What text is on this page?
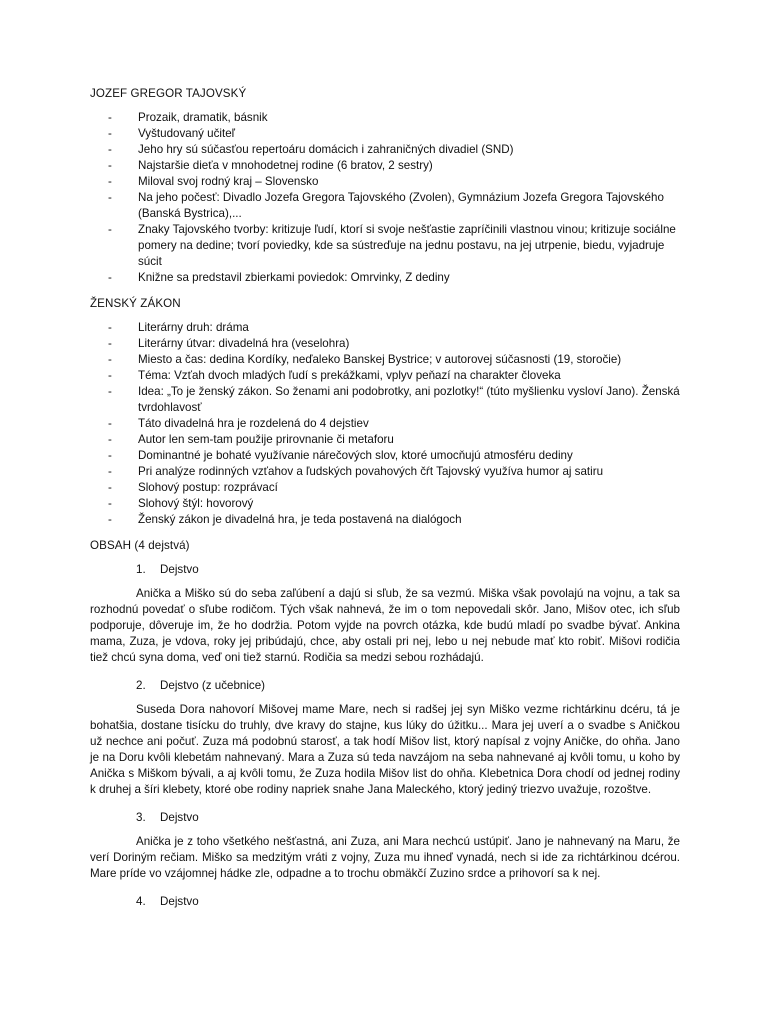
JOZEF GREGOR TAJOVSKÝ
- Prozaik, dramatik, básnik
- Vyštudovaný učiteľ
- Jeho hry sú súčasťou repertoáru domácich i zahraničných divadiel (SND)
- Najstaršie dieťa v mnohodetnej rodine (6 bratov, 2 sestry)
- Miloval svoj rodný kraj – Slovensko
- Na jeho počesť: Divadlo Jozefa Gregora Tajovského (Zvolen), Gymnázium Jozefa Gregora Tajovského (Banská Bystrica),...
- Znaky Tajovského tvorby: kritizuje ľudí, ktorí si svoje nešťastie zapríčinili vlastnou vinou; kritizuje sociálne pomery na dedine; tvorí poviedky, kde sa sústreďuje na jednu postavu, na jej utrpenie, biedu, vyjadruje súcit
- Knižne sa predstavil zbierkami poviedok: Omrvinky, Z dediny
ŽENSKÝ ZÁKON
- Literárny druh: dráma
- Literárny útvar: divadelná hra (veselohra)
- Miesto a čas: dedina Kordíky, neďaleko Banskej Bystrice; v autorovej súčasnosti (19, storočie)
- Téma: Vzťah dvoch mladých ľudí s prekážkami, vplyv peňazí na charakter človeka
- Idea: „To je ženský zákon. So ženami ani podobrotky, ani pozlotky!“ (túto myšlienku vysloví Jano). Ženská tvrdohlavosť
- Táto divadelná hra je rozdelená do 4 dejstiev
- Autor len sem-tam použije prirovnanie či metaforu
- Dominantné je bohaté využívanie nárečových slov, ktoré umocňujú atmosféru dediny
- Pri analýze rodinných vzťahov a ľudských povahových čŕt Tajovský využíva humor aj satiru
- Slohový postup: rozprávací
- Slohový štýl: hovorový
- Ženský zákon je divadelná hra, je teda postavená na dialógoch
OBSAH (4 dejstvá)
1. Dejstvo

Anička a Miško sú do seba zaľúbení a dajú si sľub, že sa vezmú. Miška však povolajú na vojnu, a tak sa rozhodnú povedať o sľube rodičom. Tých však nahnevá, že im o tom nepovedali skôr. Jano, Mišov otec, ich sľub podporuje, dôveruje im, že ho dodržia. Potom vyjde na povrch otázka, kde budú mladí po svadbe bývať. Ankina mama, Zuza, je vdova, roky jej pribúdajú, chce, aby ostali pri nej, lebo u nej nebude mať kto robiť. Mišovi rodičia tiež chcú syna doma, veď oni tiež starnú. Rodičia sa medzi sebou rozhádajú.

2. Dejstvo (z učebnice)

Suseda Dora nahovorí Mišovej mame Mare, nech si radšej jej syn Miško vezme richtárkinu dcéru, tá je bohatšia, dostane tisícku do truhly, dve kravy do stajne, kus lúky do úžitku... Mara jej uverí a o svadbe s Aničkou už nechce ani počuť. Zuza má podobnú starosť, a tak hodí Mišov list, ktorý napísal z vojny Aničke, do ohňa. Jano je na Doru kvôli klebetám nahnevaný. Mara a Zuza sú teda navzájom na seba nahnevané aj kvôli tomu, u koho by Anička s Miškom bývali, a aj kvôli tomu, že Zuza hodila Mišov list do ohňa. Klebetnica Dora chodí od jednej rodiny k druhej a šíri klebety, ktoré obe rodiny napriek snahe Jana Maleckého, ktorý jediný triezvo uvažuje, rozoštve.

3. Dejstvo

Anička je z toho všetkého nešťastná, ani Zuza, ani Mara nechcú ustúpiť. Jano je nahnevaný na Maru, že verí Doriným rečiam. Miško sa medzitým vráti z vojny, Zuza mu ihneď vynadá, nech si ide za richtárkinou dcérou. Mare príde vo vzájomnej hádke zle, odpadne a to trochu obmäkčí Zuzino srdce a prihovorí sa k nej.

4. Dejstvo
